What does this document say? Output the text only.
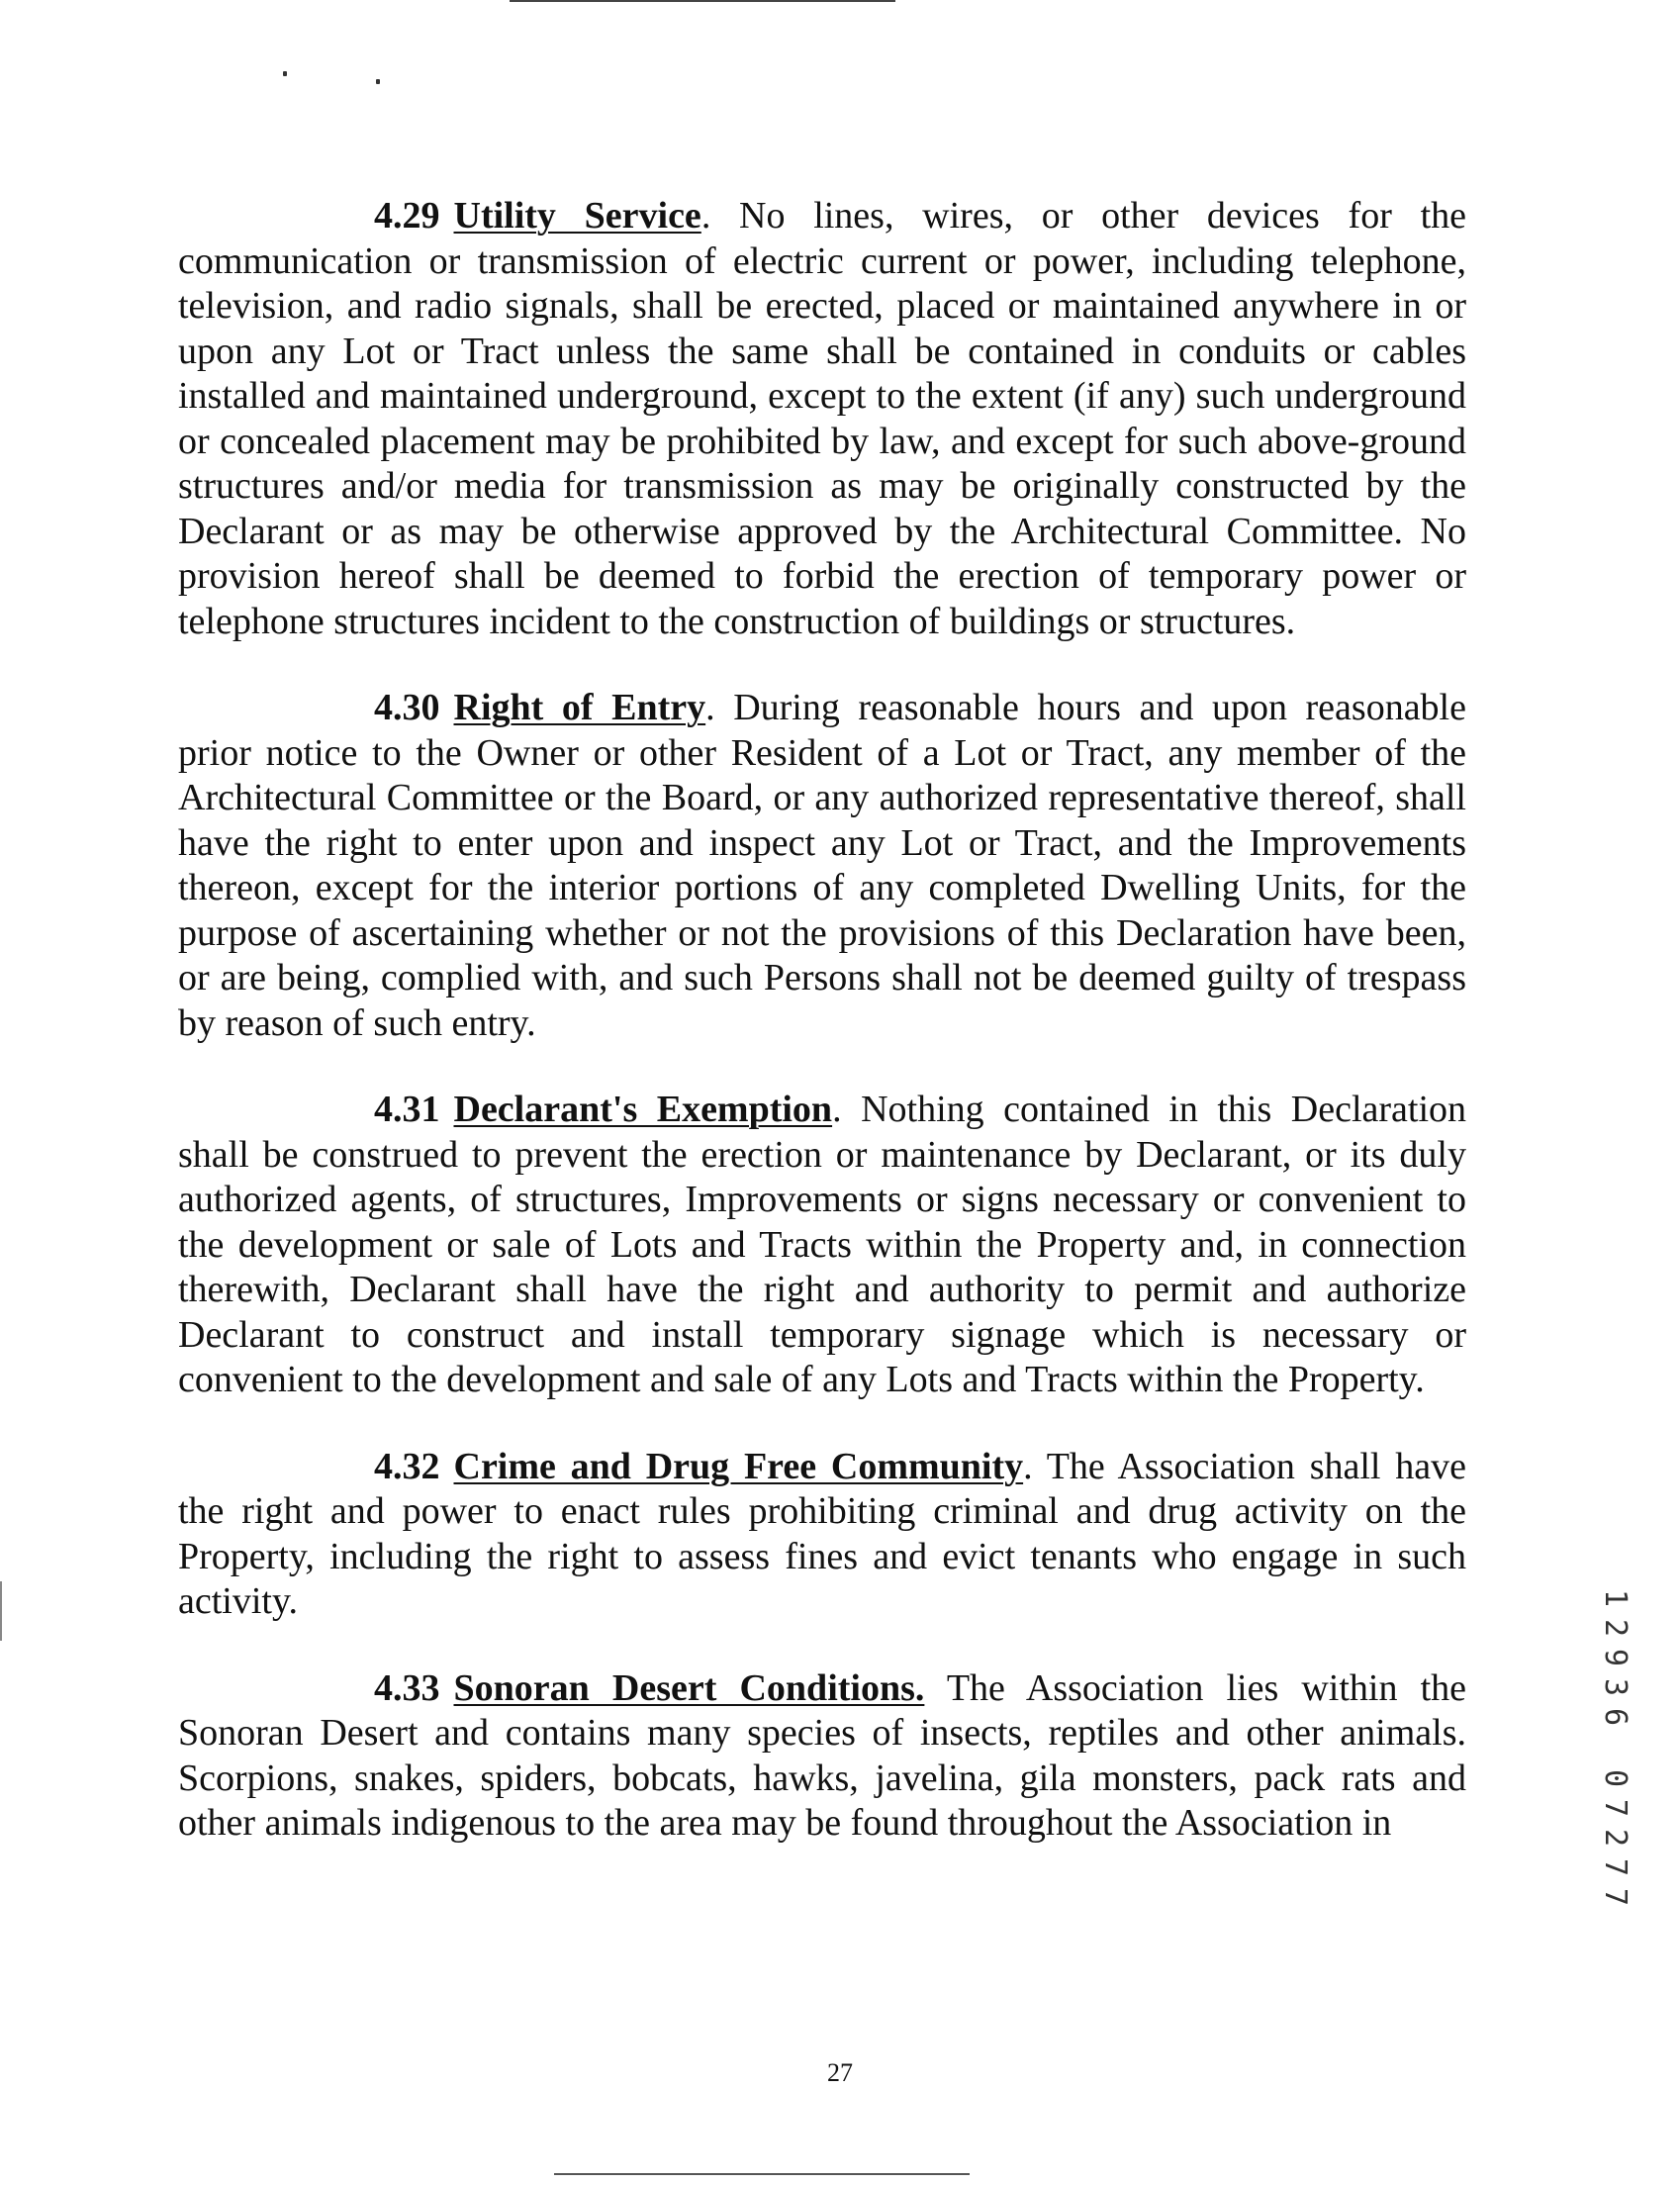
4.29 Utility Service. No lines, wires, or other devices for the communication or transmission of electric current or power, including telephone, television, and radio signals, shall be erected, placed or maintained anywhere in or upon any Lot or Tract unless the same shall be contained in conduits or cables installed and maintained underground, except to the extent (if any) such underground or concealed placement may be prohibited by law, and except for such above-ground structures and/or media for transmission as may be originally constructed by the Declarant or as may be otherwise approved by the Architectural Committee. No provision hereof shall be deemed to forbid the erection of temporary power or telephone structures incident to the construction of buildings or structures.

4.30 Right of Entry. During reasonable hours and upon reasonable prior notice to the Owner or other Resident of a Lot or Tract, any member of the Architectural Committee or the Board, or any authorized representative thereof, shall have the right to enter upon and inspect any Lot or Tract, and the Improvements thereon, except for the interior portions of any completed Dwelling Units, for the purpose of ascertaining whether or not the provisions of this Declaration have been, or are being, complied with, and such Persons shall not be deemed guilty of trespass by reason of such entry.

4.31 Declarant's Exemption. Nothing contained in this Declaration shall be construed to prevent the erection or maintenance by Declarant, or its duly authorized agents, of structures, Improvements or signs necessary or convenient to the development or sale of Lots and Tracts within the Property and, in connection therewith, Declarant shall have the right and authority to permit and authorize Declarant to construct and install temporary signage which is necessary or convenient to the development and sale of any Lots and Tracts within the Property.

4.32 Crime and Drug Free Community. The Association shall have the right and power to enact rules prohibiting criminal and drug activity on the Property, including the right to assess fines and evict tenants who engage in such activity.

4.33 Sonoran Desert Conditions. The Association lies within the Sonoran Desert and contains many species of insects, reptiles and other animals. Scorpions, snakes, spiders, bobcats, hawks, javelina, gila monsters, pack rats and other animals indigenous to the area may be found throughout the Association in

1
2
9
3
6
0
7
2
7
7
27
